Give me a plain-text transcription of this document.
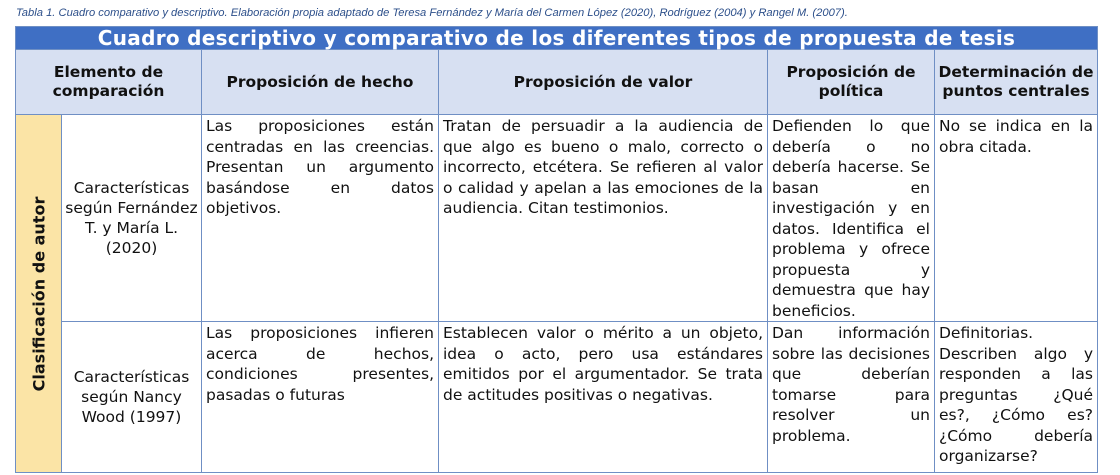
Tabla 1. Cuadro comparativo y descriptivo. Elaboración propia adaptado de Teresa Fernández y María del Carmen López (2020), Rodríguez (2004) y Rangel M. (2007).
Cuadro descriptivo y comparativo de los diferentes tipos de propuesta de tesis					
Elemento de comparación		Proposición de hecho	Proposición de valor	Proposición de política	Determinación de puntos centrales

Clasificación de autor	Características según Fernández T. y María L. (2020)	Las proposiciones están centradas en las creencias. Presentan un argumento basándose en datos objetivos.	Tratan de persuadir a la audiencia de que algo es bueno o malo, correcto o incorrecto, etcétera. Se refieren al valor o calidad y apelan a las emociones de la audiencia. Citan testimonios.	Defienden lo que debería o no debería hacerse. Se basan en investigación y en datos. Identifica el problema y ofrece propuesta y demuestra que hay beneficios.	No se indica en la obra citada.
	Características según Nancy Wood (1997)	Las proposiciones infieren acerca de hechos, condiciones presentes, pasadas o futuras	Establecen valor o mérito a un objeto, idea o acto, pero usa estándares emitidos por el argumentador. Se trata de actitudes positivas o negativas.	Dan información sobre las decisiones que deberían tomarse para resolver un problema.	Definitorias. Describen algo y responden a las preguntas ¿Qué es?, ¿Cómo es? ¿Cómo debería organizarse?
